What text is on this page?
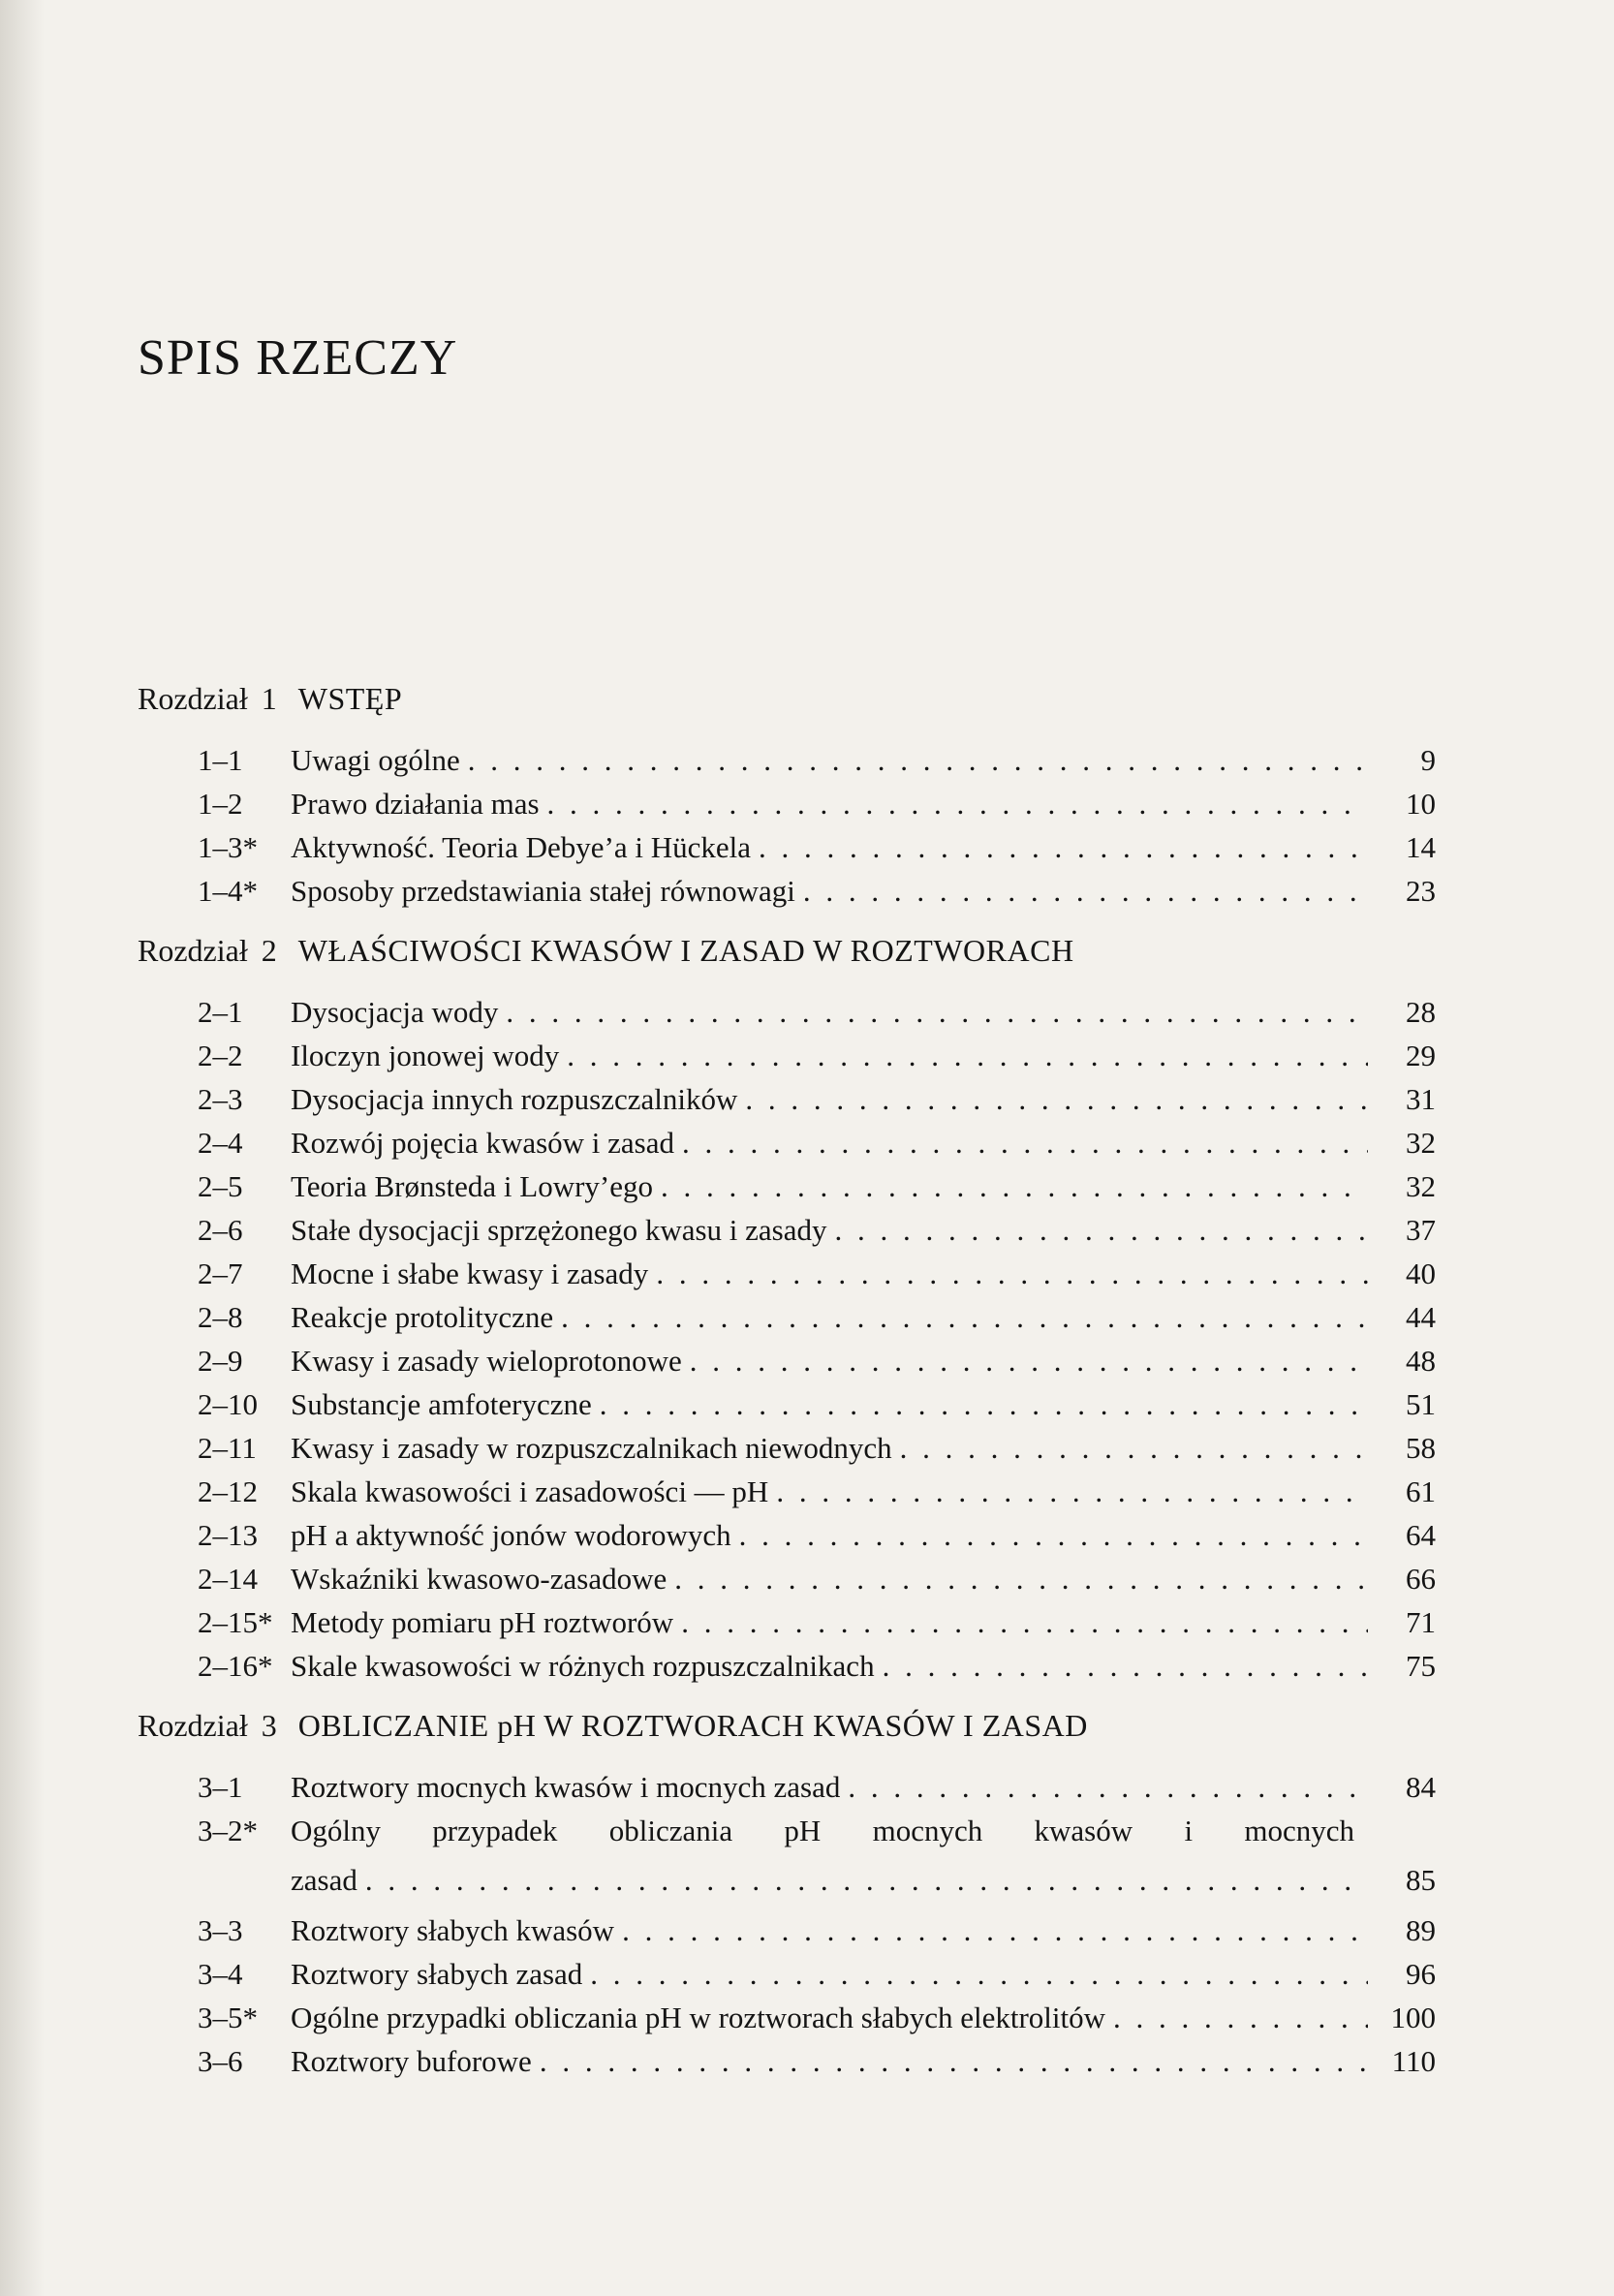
SPIS RZECZY
Rozdział 1 WSTĘP
1–1	Uwagi ogólne . . .	9
1–2	Prawo działania mas . . .	10
1–3*	Aktywność. Teoria Debye’a i Hückela . . .	14
1–4*	Sposoby przedstawiania stałej równowagi . . .	23
Rozdział 2 WŁAŚCIWOŚCI KWASÓW I ZASAD W ROZTWORACH
2–1	Dysocjacja wody . . .	28
2–2	Iloczyn jonowej wody . . .	29
2–3	Dysocjacja innych rozpuszczalników . . .	31
2–4	Rozwój pojęcia kwasów i zasad . . .	32
2–5	Teoria Brønsteda i Lowry’ego . . .	32
2–6	Stałe dysocjacji sprzężonego kwasu i zasady . . .	37
2–7	Mocne i słabe kwasy i zasady . . .	40
2–8	Reakcje protolityczne . . .	44
2–9	Kwasy i zasady wieloprotonowe . . .	48
2–10	Substancje amfoteryczne . . .	51
2–11	Kwasy i zasady w rozpuszczalnikach niewodnych . . .	58
2–12	Skala kwasowości i zasadowości — pH . . .	61
2–13	pH a aktywność jonów wodorowych . . .	64
2–14	Wskaźniki kwasowo-zasadowe . . .	66
2–15* Metody pomiaru pH roztworów . . .	71
2–16* Skale kwasowości w różnych rozpuszczalnikach . . .	75
Rozdział 3 OBLICZANIE pH W ROZTWORACH KWASÓW I ZASAD
3–1	Roztwory mocnych kwasów i mocnych zasad . . .	84
3–2*	Ogólny przypadek obliczania pH mocnych kwasów i mocnych
zasad . . .	85
3–3	Roztwory słabych kwasów . . .	89
3–4	Roztwory słabych zasad . . .	96
3–5*	Ogólne przypadki obliczania pH w roztworach słabych elektrolitów . . .	100
3–6	Roztwory buforowe . . .	110
